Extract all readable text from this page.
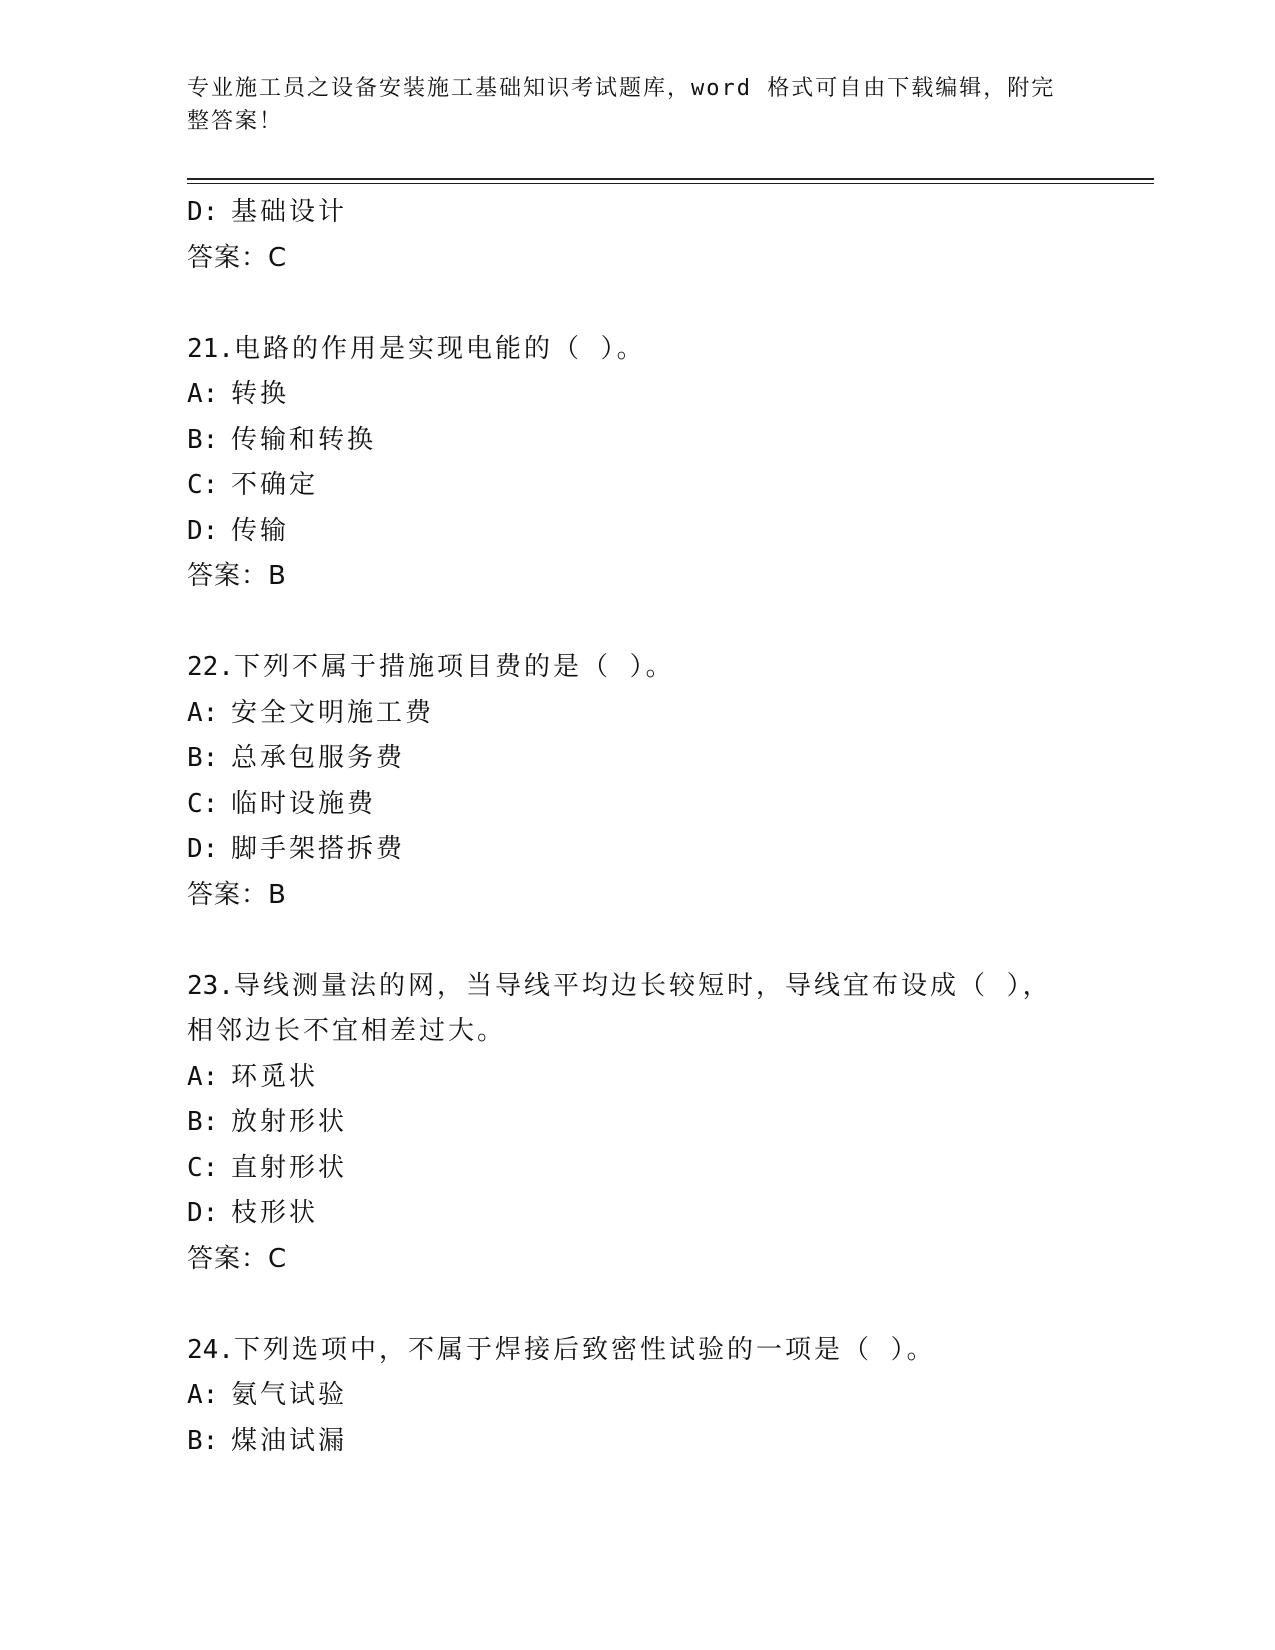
专业施工员之设备安装施工基础知识考试题库，word 格式可自由下载编辑，附完
整答案！
D: 基础设计
答案：C
21.电路的作用是实现电能的（ ）。
A: 转换
B: 传输和转换
C: 不确定
D: 传输
答案：B
22.下列不属于措施项目费的是（ ）。
A: 安全文明施工费
B: 总承包服务费
C: 临时设施费
D: 脚手架搭拆费
答案：B
23.导线测量法的网，当导线平均边长较短时，导线宜布设成（ ），
相邻边长不宜相差过大。
A: 环觅状
B: 放射形状
C: 直射形状
D: 枝形状
答案：C
24.下列选项中，不属于焊接后致密性试验的一项是（ ）。
A: 氨气试验
B: 煤油试漏
